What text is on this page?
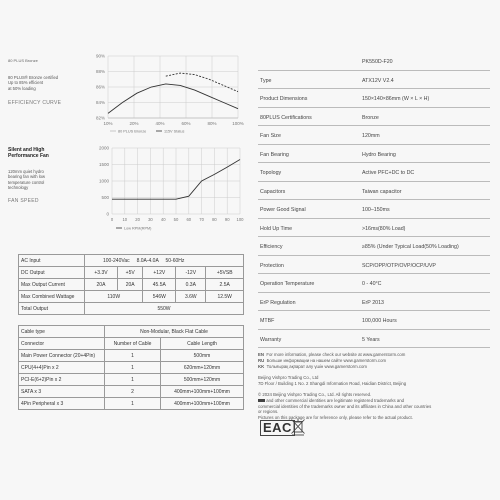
80 PLUS Bronze
80 PLUS® Bronze certified
Up to 85% efficient
at 50% loading
EFFICIENCY CURVE
90%
88%
86%
84%
82%
10%	20%	40%	60%	80%	100%
80 PLUS Bronze	115V Status
Silent and High
Performance Fan
120mm quiet hydro
bearing fan with low
temperature control
technology
FAN SPEED
2000
1500
1000
500
0
0 10 20 30 40 50 60 70 80 90 100
Low RPM(RPM)
AC Input	100-240Vac 8.0A-4.0A 50-60Hz				
DC Output	+3.3V	+5V	+12V	-12V	+5VSB
Max Output Current	20A	20A	45.5A	0.3A	2.5A
Max Combined Wattage	110W		546W	3.6W	12.5W
Total Output	550W				
Cable type	Non-Modular, Black Flat Cable	
Connector	Number of Cable	Cable Length
Main Power Connector (20+4Pin)	1	500mm
CPU(4+4)Pin x 2	1	620mm+120mm
PCI-E(6+2)Pin x 2	1	500mm+120mm
SATA x 3	2	400mm+100mm+100mm
4Pin Peripheral x 3	1	400mm+100mm+100mm
PK550D-F20
Type	ATX12V V2.4
Product Dimensions	150×140×86mm (W × L × H)
80PLUS Certifications	Bronze
Fan Size	120mm
Fan Bearing	Hydro Bearing
Topology	Active PFC+DC to DC
Capacitors	Taiwan capacitor
Power Good Signal	100–150ms
Hold Up Time	>16ms(80% Load)
Efficiency	≥85% (Under Typical Load(50% Loading)
Protection	SCP/OPP/OTP/OVP/OCP/UVP
Operation Temperature	0 - 40°C
ErP Regulation	ErP 2013
MTBF	100,000 Hours
Warranty	5 Years
EN For more information, please check our website at www.gamerstorm.com
RU Больше информации на нашем сайте www.gamerstorm.com
KK Толығырақ ақпарат алу үшін www.gamerstorm.com
Beijing Vishpro Trading Co., Ltd
7D Floor / Building 1 No. 2 Shangdi Information Road, Haidian District, Beijing
© 2024 Beijing Vishpro Trading Co., Ltd. All rights reserved.
and other commercial identities are legitimate registered trademarks and
commercial identities of the trademarks owner and its affiliates in China and other countries
or regions.
Pictures on this package are for reference only, please refer to the actual product.
EAC
